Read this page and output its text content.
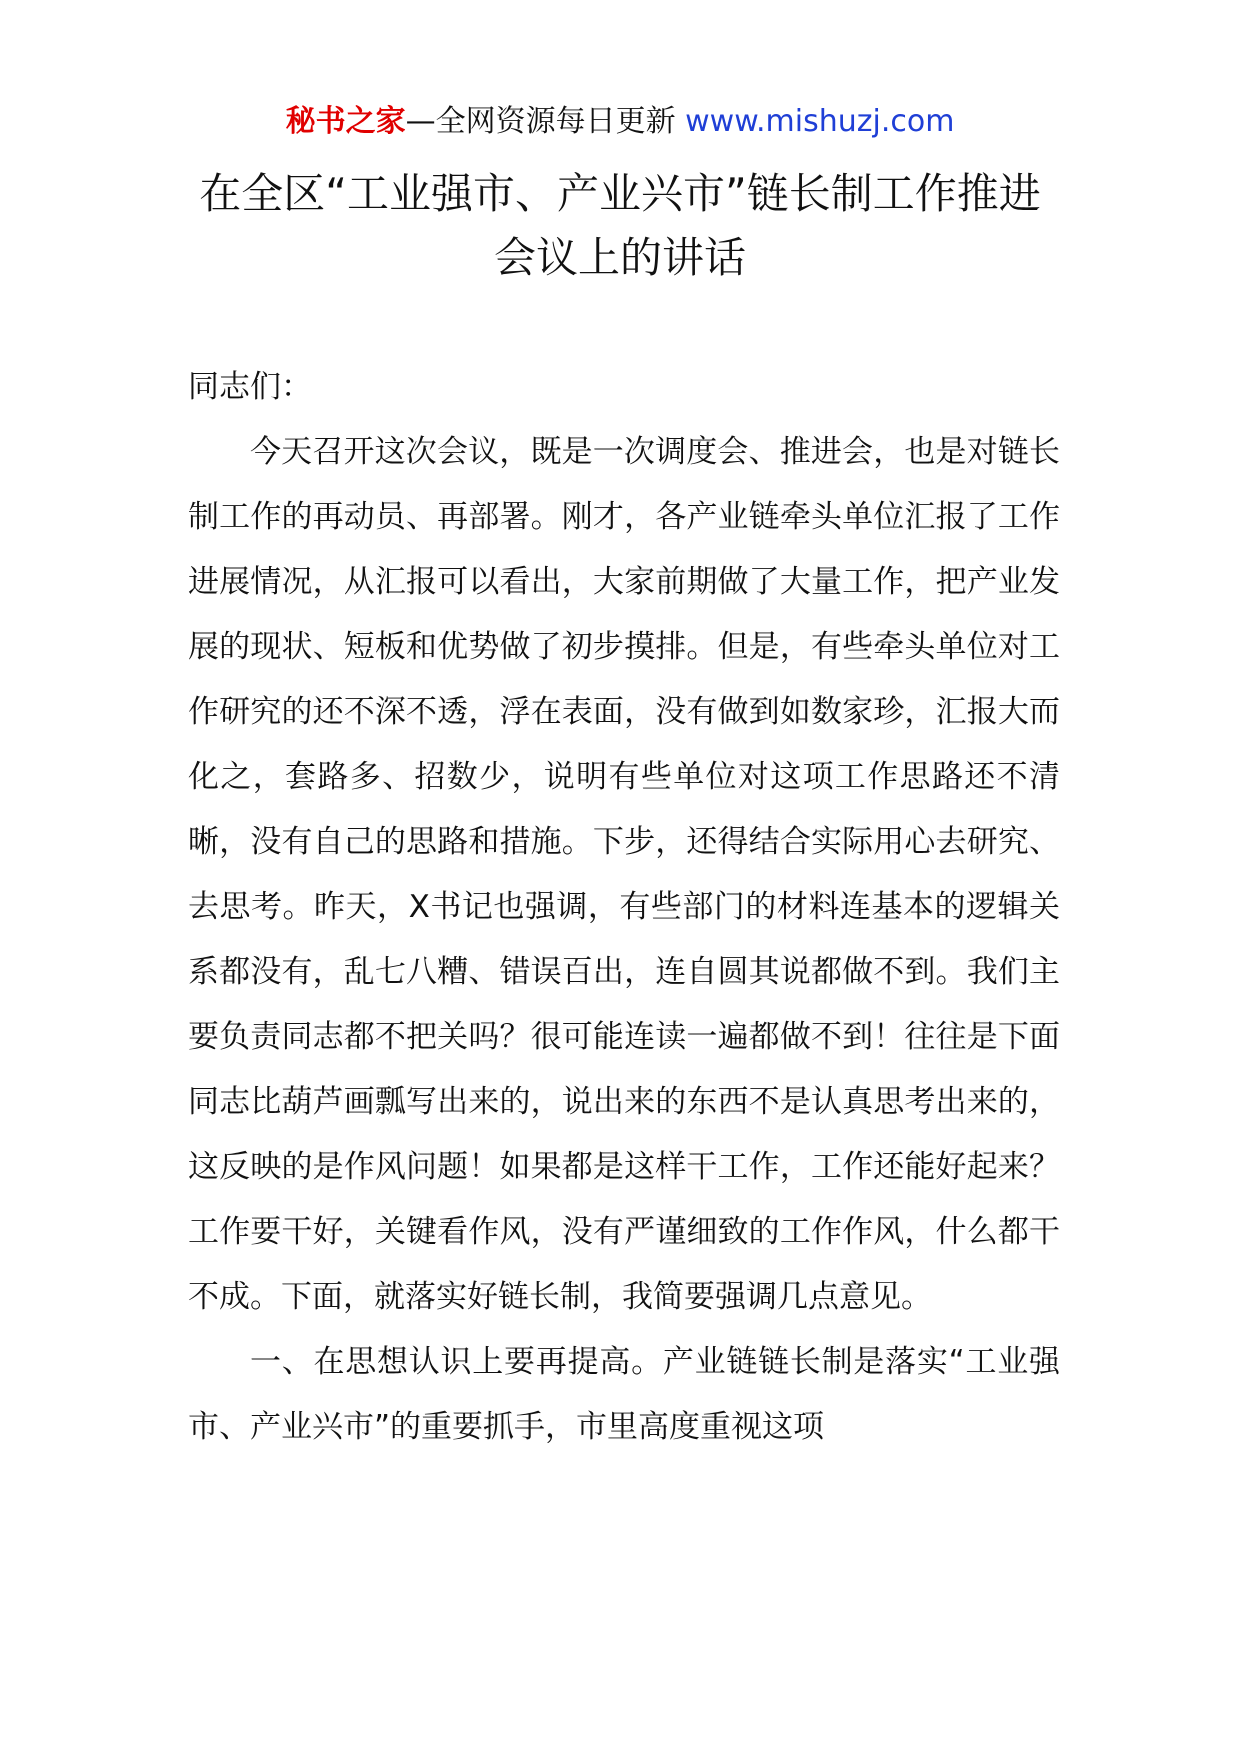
秘书之家—全网资源每日更新 www.mishuzj.com
在全区“工业强市、产业兴市”链长制工作推进会议上的讲话

同志们：

今天召开这次会议，既是一次调度会、推进会，也是对链长制工作的再动员、再部署。刚才，各产业链牵头单位汇报了工作进展情况，从汇报可以看出，大家前期做了大量工作，把产业发展的现状、短板和优势做了初步摸排。但是，有些牵头单位对工作研究的还不深不透，浮在表面，没有做到如数家珍，汇报大而化之，套路多、招数少，说明有些单位对这项工作思路还不清晰，没有自己的思路和措施。下步，还得结合实际用心去研究、去思考。昨天，X书记也强调，有些部门的材料连基本的逻辑关系都没有，乱七八糟、错误百出，连自圆其说都做不到。我们主要负责同志都不把关吗？很可能连读一遍都做不到！往往是下面同志比葫芦画瓢写出来的，说出来的东西不是认真思考出来的，这反映的是作风问题！如果都是这样干工作，工作还能好起来？工作要干好，关键看作风，没有严谨细致的工作作风，什么都干不成。下面，就落实好链长制，我简要强调几点意见。

一、在思想认识上要再提高。产业链链长制是落实“工业强市、产业兴市”的重要抓手，市里高度重视这项
